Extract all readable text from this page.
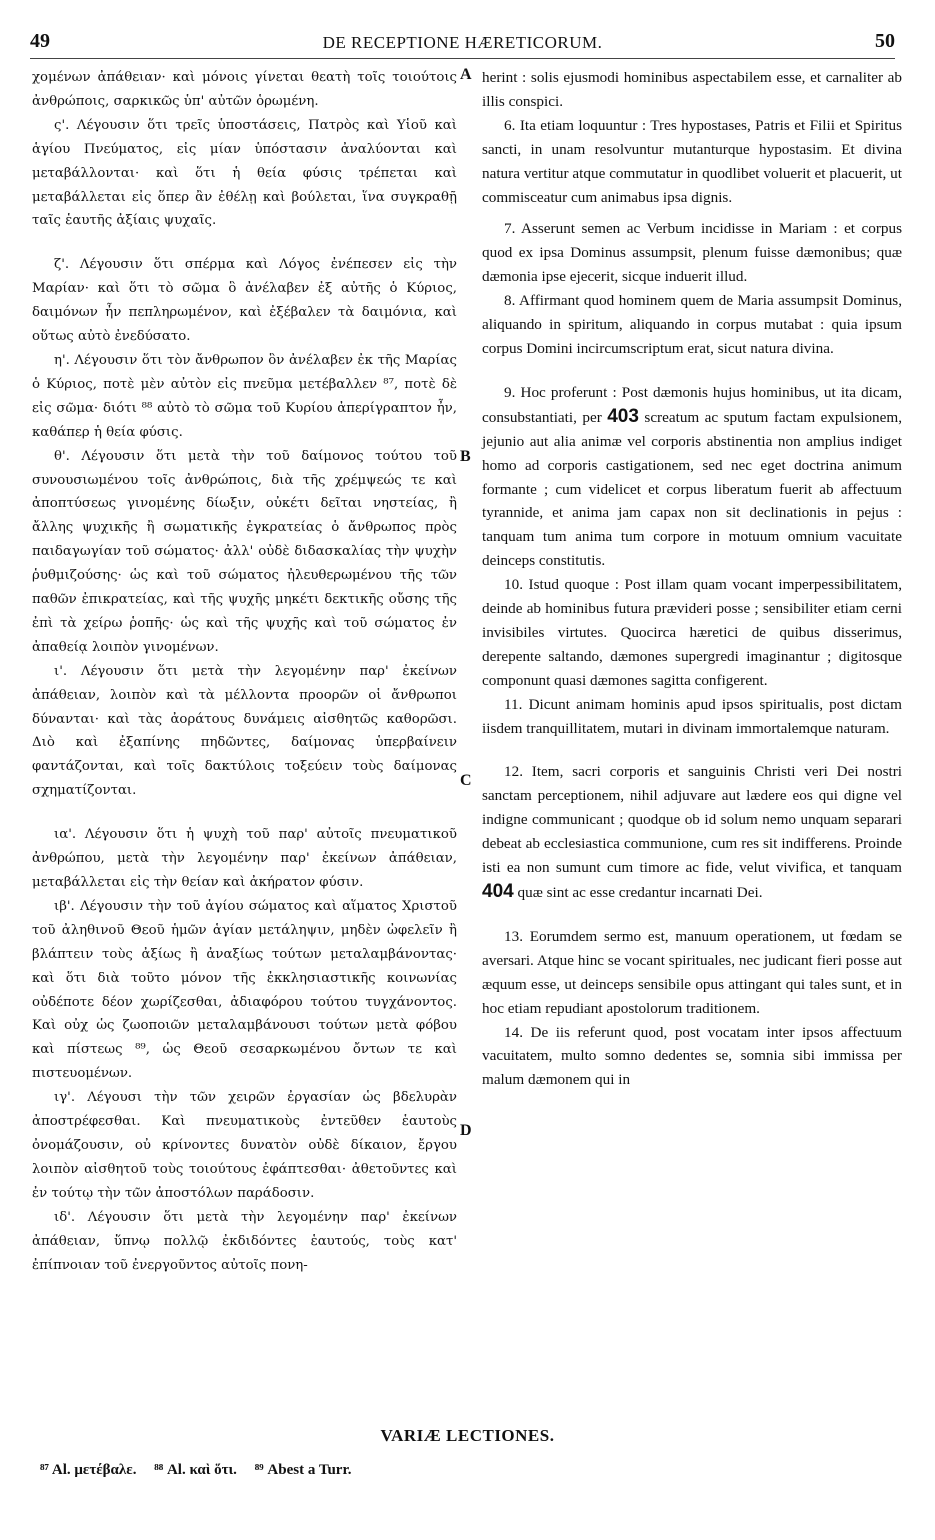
49	DE RECEPTIONE HÆRETICORUM.	50

χομένων ἀπάθειαν· καὶ μόνοις γίνεται θεατὴ τοῖς τοιούτοις ἀνθρώποις, σαρκικῶς ὑπ' αὐτῶν ὁρωμένη.

ς'. Λέγουσιν ὅτι τρεῖς ὑποστάσεις, Πατρὸς καὶ Υἱοῦ καὶ ἁγίου Πνεύματος, εἰς μίαν ὑπόστασιν ἀναλύονται καὶ μεταβάλλονται· καὶ ὅτι ἡ θεία φύσις τρέπεται καὶ μεταβάλλεται εἰς ὅπερ ἂν ἐθέλῃ καὶ βούλεται, ἵνα συγκραθῇ ταῖς ἑαυτῆς ἀξίαις ψυχαῖς.

ζ'. Λέγουσιν ὅτι σπέρμα καὶ Λόγος ἐνέπεσεν εἰς τὴν Μαρίαν· καὶ ὅτι τὸ σῶμα ὃ ἀνέλαβεν ἐξ αὐτῆς ὁ Κύριος, δαιμόνων ἦν πεπληρωμένον, καὶ ἐξέβαλεν τὰ δαιμόνια, καὶ οὕτως αὐτὸ ἐνεδύσατο.

η'. Λέγουσιν ὅτι τὸν ἄνθρωπον ὃν ἀνέλαβεν ἐκ τῆς Μαρίας ὁ Κύριος, ποτὲ μὲν αὐτὸν εἰς πνεῦμα μετέβαλλεν ⁸⁷, ποτὲ δὲ εἰς σῶμα· διότι ⁸⁸ αὐτὸ τὸ σῶμα τοῦ Κυρίου ἀπερίγραπτον ἦν, καθάπερ ἡ θεία φύσις.

θ'. Λέγουσιν ὅτι μετὰ τὴν τοῦ δαίμονος τούτου τοῦ συνουσιωμένου τοῖς ἀνθρώποις, διὰ τῆς χρέμψεώς τε καὶ ἀποπτύσεως γινομένης δίωξιν, οὐκέτι δεῖται νηστείας, ἢ ἄλλης ψυχικῆς ἢ σωματικῆς ἐγκρατείας ὁ ἄνθρωπος πρὸς παιδαγωγίαν τοῦ σώματος· ἀλλ' οὐδὲ διδασκαλίας τὴν ψυχὴν ῥυθμιζούσης· ὡς καὶ τοῦ σώματος ἠλευθερωμένου τῆς τῶν παθῶν ἐπικρατείας, καὶ τῆς ψυχῆς μηκέτι δεκτικῆς οὔσης τῆς ἐπὶ τὰ χείρω ῥοπῆς· ὡς καὶ τῆς ψυχῆς καὶ τοῦ σώματος ἐν ἀπαθείᾳ λοιπὸν γινομένων.

ι'. Λέγουσιν ὅτι μετὰ τὴν λεγομένην παρ' ἐκείνων ἀπάθειαν, λοιπὸν καὶ τὰ μέλλοντα προορῶν οἱ ἄνθρωποι δύνανται· καὶ τὰς ἀοράτους δυνάμεις αἰσθητῶς καθορῶσι. Διὸ καὶ ἐξαπίνης πηδῶντες, δαίμονας ὑπερβαίνειν φαντάζονται, καὶ τοῖς δακτύλοις τοξεύειν τοὺς δαίμονας σχηματίζονται.

ια'. Λέγουσιν ὅτι ἡ ψυχὴ τοῦ παρ' αὐτοῖς πνευματικοῦ ἀνθρώπου, μετὰ τὴν λεγομένην παρ' ἐκείνων ἀπάθειαν, μεταβάλλεται εἰς τὴν θείαν καὶ ἀκήρατον φύσιν.

ιβ'. Λέγουσιν τὴν τοῦ ἁγίου σώματος καὶ αἵματος Χριστοῦ τοῦ ἀληθινοῦ Θεοῦ ἡμῶν ἁγίαν μετάληψιν, μηδὲν ὠφελεῖν ἢ βλάπτειν τοὺς ἀξίως ἢ ἀναξίως τούτων μεταλαμβάνοντας· καὶ ὅτι διὰ τοῦτο μόνον τῆς ἐκκλησιαστικῆς κοινωνίας οὐδέποτε δέον χωρίζεσθαι, ἀδιαφόρου τούτου τυγχάνοντος. Καὶ οὐχ ὡς ζωοποιῶν μεταλαμβάνουσι τούτων μετὰ φόβου καὶ πίστεως ⁸⁹, ὡς Θεοῦ σεσαρκωμένου ὄντων τε καὶ πιστευομένων.

ιγ'. Λέγουσι τὴν τῶν χειρῶν ἐργασίαν ὡς βδελυρὰν ἀποστρέφεσθαι. Καὶ πνευματικοὺς ἐντεῦθεν ἑαυτοὺς ὀνομάζουσιν, οὐ κρίνοντες δυνατὸν οὐδὲ δίκαιον, ἔργου λοιπὸν αἰσθητοῦ τοὺς τοιούτους ἐφάπτεσθαι· ἀθετοῦντες καὶ ἐν τούτῳ τὴν τῶν ἀποστόλων παράδοσιν.

ιδ'. Λέγουσιν ὅτι μετὰ τὴν λεγομένην παρ' ἐκείνων ἀπάθειαν, ὕπνῳ πολλῷ ἐκδιδόντες ἑαυτούς, τοὺς κατ' ἐπίπνοιαν τοῦ ἐνεργοῦντος αὐτοῖς πονη-

A
B
C
D

herint : solis ejusmodi hominibus aspectabilem esse, et carnaliter ab illis conspici.

6. Ita etiam loquuntur : Tres hypostases, Patris et Filii et Spiritus sancti, in unam resolvuntur mutanturque hypostasim. Et divina natura vertitur atque commutatur in quodlibet voluerit et placuerit, ut commisceatur cum animabus ipsa dignis.

7. Asserunt semen ac Verbum incidisse in Mariam : et corpus quod ex ipsa Dominus assumpsit, plenum fuisse dæmonibus; quæ dæmonia ipse ejecerit, sicque induerit illud.

8. Affirmant quod hominem quem de Maria assumpsit Dominus, aliquando in spiritum, aliquando in corpus mutabat : quia ipsum corpus Domini incircumscriptum erat, sicut natura divina.

9. Hoc proferunt : Post dæmonis hujus hominibus, ut ita dicam, consubstantiati, per 403 screatum ac sputum factam expulsionem, jejunio aut alia animæ vel corporis abstinentia non amplius indiget homo ad corporis castigationem, sed nec eget doctrina animum formante ; cum videlicet et corpus liberatum fuerit ab affectuum tyrannide, et anima jam capax non sit declinationis in pejus : tanquam tum anima tum corpore in motuum omnium vacuitate deinceps constitutis.

10. Istud quoque : Post illam quam vocant imperpessibilitatem, deinde ab hominibus futura prævideri posse ; sensibiliter etiam cerni invisibiles virtutes. Quocirca hæretici de quibus disserimus, derepente saltando, dæmones supergredi imaginantur ; digitosque componunt quasi dæmones sagitta configerent.

11. Dicunt animam hominis apud ipsos spiritualis, post dictam iisdem tranquillitatem, mutari in divinam immortalemque naturam.

12. Item, sacri corporis et sanguinis Christi veri Dei nostri sanctam perceptionem, nihil adjuvare aut lædere eos qui digne vel indigne communicant ; quodque ob id solum nemo unquam separari debeat ab ecclesiastica communione, cum res sit indifferens. Proinde isti ea non sumunt cum timore ac fide, velut vivifica, et tanquam 404 quæ sint ac esse credantur incarnati Dei.

13. Eorumdem sermo est, manuum operationem, ut fœdam se aversari. Atque hinc se vocant spirituales, nec judicant fieri posse aut æquum esse, ut deinceps sensibile opus attingant qui tales sunt, et in hoc etiam repudiant apostolorum traditionem.

14. De iis referunt quod, post vocatam inter ipsos affectuum vacuitatem, multo somno dedentes se, somnia sibi immissa per malum dæmonem qui in

VARIÆ LECTIONES.
⁸⁷ Al. μετέβαλε. ⁸⁸ Al. καὶ ὅτι. ⁸⁹ Abest a Turr.
